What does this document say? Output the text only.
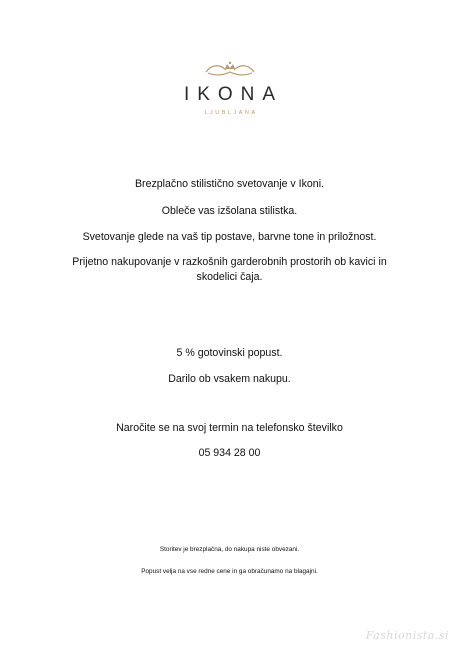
IKONA
LJUBLJANA
Brezplačno stilistično svetovanje v Ikoni.
Obleče vas izšolana stilistka.
Svetovanje glede na vaš tip postave, barvne tone in priložnost.
Prijetno nakupovanje v razkošnih garderobnih prostorih ob kavici in
skodelici čaja.
5 % gotovinski popust.
Darilo ob vsakem nakupu.
Naročite se na svoj termin na telefonsko številko
05 934 28 00
Storitev je brezplačna, do nakupa niste obvezani.
Popust velja na vse redne cene in ga obračunamo na blagajni.
Fashionista.si
